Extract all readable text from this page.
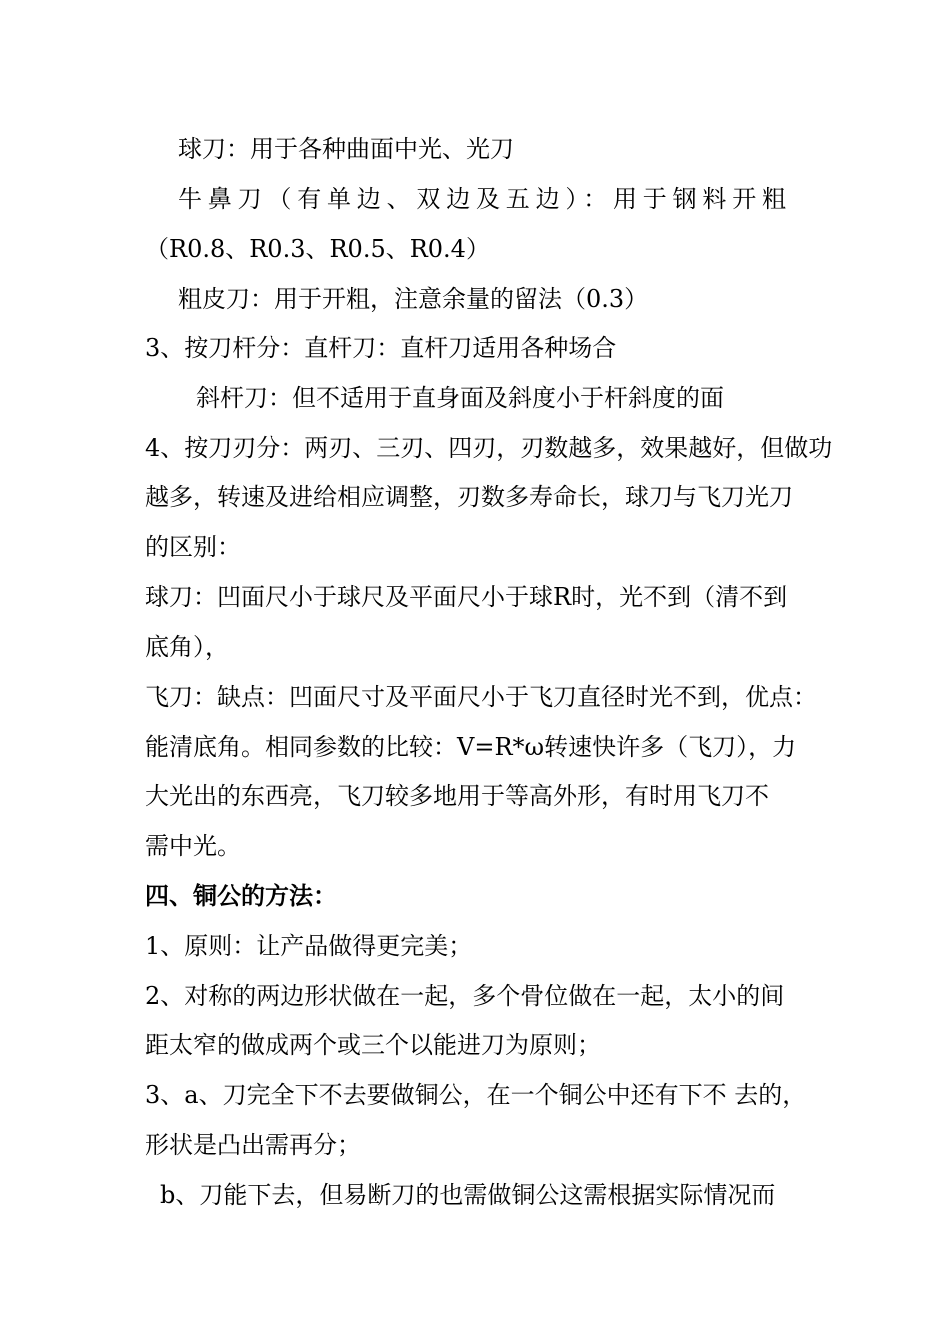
球刀：用于各种曲面中光、光刀
牛鼻刀（有单边、双边及五边）：用于钢料开粗
（R0.8、R0.3、R0.5、R0.4）
粗皮刀：用于开粗，注意余量的留法（0.3）
3、按刀杆分：直杆刀：直杆刀适用各种场合
斜杆刀：但不适用于直身面及斜度小于杆斜度的面
4、按刀刃分：两刃、三刃、四刃，刃数越多，效果越好，但做功
越多，转速及进给相应调整，刃数多寿命长，球刀与飞刀光刀
的区别：
球刀：凹面尺小于球尺及平面尺小于球R时，光不到（清不到
底角），
飞刀：缺点：凹面尺寸及平面尺小于飞刀直径时光不到，优点：
能清底角。相同参数的比较：V=R*ω转速快许多（飞刀），力
大光出的东西亮，飞刀较多地用于等高外形，有时用飞刀不
需中光。
四、铜公的方法：
1、原则：让产品做得更完美；
2、对称的两边形状做在一起，多个骨位做在一起，太小的间
距太窄的做成两个或三个以能进刀为原则；
3、a、刀完全下不去要做铜公，在一个铜公中还有下不 去的，
形状是凸出需再分；
b、刀能下去，但易断刀的也需做铜公这需根据实际情况而
